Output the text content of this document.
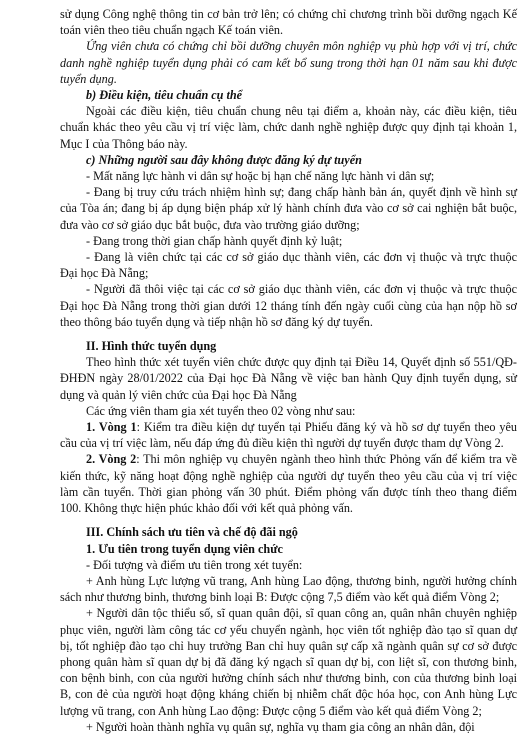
sử dụng Công nghệ thông tin cơ bản trở lên; có chứng chỉ chương trình bồi dưỡng ngạch Kế toán viên theo tiêu chuẩn ngạch Kế toán viên.

Ứng viên chưa có chứng chỉ bồi dưỡng chuyên môn nghiệp vụ phù hợp với vị trí, chức danh nghề nghiệp tuyển dụng phải có cam kết bổ sung trong thời hạn 01 năm sau khi được tuyển dụng.

b) Điều kiện, tiêu chuẩn cụ thể

Ngoài các điều kiện, tiêu chuẩn chung nêu tại điểm a, khoản này, các điều kiện, tiêu chuẩn khác theo yêu cầu vị trí việc làm, chức danh nghề nghiệp được quy định tại khoản 1, Mục I của Thông báo này.

c) Những người sau đây không được đăng ký dự tuyển

- Mất năng lực hành vi dân sự hoặc bị hạn chế năng lực hành vi dân sự;

- Đang bị truy cứu trách nhiệm hình sự; đang chấp hành bản án, quyết định về hình sự của Tòa án; đang bị áp dụng biện pháp xử lý hành chính đưa vào cơ sở cai nghiện bắt buộc, đưa vào cơ sở giáo dục bắt buộc, đưa vào trường giáo dưỡng;

- Đang trong thời gian chấp hành quyết định kỷ luật;

- Đang là viên chức tại các cơ sở giáo dục thành viên, các đơn vị thuộc và trực thuộc Đại học Đà Nẵng;

- Người đã thôi việc tại các cơ sở giáo dục thành viên, các đơn vị thuộc và trực thuộc Đại học Đà Nẵng trong thời gian dưới 12 tháng tính đến ngày cuối cùng của hạn nộp hồ sơ theo thông báo tuyển dụng và tiếp nhận hồ sơ đăng ký dự tuyển.

II. Hình thức tuyển dụng

Theo hình thức xét tuyển viên chức được quy định tại Điều 14, Quyết định số 551/QĐ-ĐHĐN ngày 28/01/2022 của Đại học Đà Nẵng về việc ban hành Quy định tuyển dụng, sử dụng và quản lý viên chức của Đại học Đà Nẵng

Các ứng viên tham gia xét tuyển theo 02 vòng như sau:

1. Vòng 1: Kiểm tra điều kiện dự tuyển tại Phiếu đăng ký và hồ sơ dự tuyển theo yêu cầu của vị trí việc làm, nếu đáp ứng đủ điều kiện thì người dự tuyển được tham dự Vòng 2.

2. Vòng 2: Thi môn nghiệp vụ chuyên ngành theo hình thức Phỏng vấn để kiểm tra về kiến thức, kỹ năng hoạt động nghề nghiệp của người dự tuyển theo yêu cầu của vị trí việc làm cần tuyển. Thời gian phỏng vấn 30 phút. Điểm phỏng vấn được tính theo thang điểm 100. Không thực hiện phúc khảo đối với kết quả phỏng vấn.

III. Chính sách ưu tiên và chế độ đãi ngộ

1. Ưu tiên trong tuyển dụng viên chức

- Đối tượng và điểm ưu tiên trong xét tuyển:

+ Anh hùng Lực lượng vũ trang, Anh hùng Lao động, thương binh, người hưởng chính sách như thương binh, thương binh loại B: Được cộng 7,5 điểm vào kết quả điểm Vòng 2;

+ Người dân tộc thiểu số, sĩ quan quân đội, sĩ quan công an, quân nhân chuyên nghiệp phục viên, người làm công tác cơ yếu chuyển ngành, học viên tốt nghiệp đào tạo sĩ quan dự bị, tốt nghiệp đào tạo chỉ huy trưởng Ban chỉ huy quân sự cấp xã ngành quân sự cơ sở được phong quân hàm sĩ quan dự bị đã đăng ký ngạch sĩ quan dự bị, con liệt sĩ, con thương binh, con bệnh binh, con của người hưởng chính sách như thương binh, con của thương binh loại B, con đẻ của người hoạt động kháng chiến bị nhiễm chất độc hóa học, con Anh hùng Lực lượng vũ trang, con Anh hùng Lao động: Được cộng 5 điểm vào kết quả điểm Vòng 2;

+ Người hoàn thành nghĩa vụ quân sự, nghĩa vụ tham gia công an nhân dân, đội
